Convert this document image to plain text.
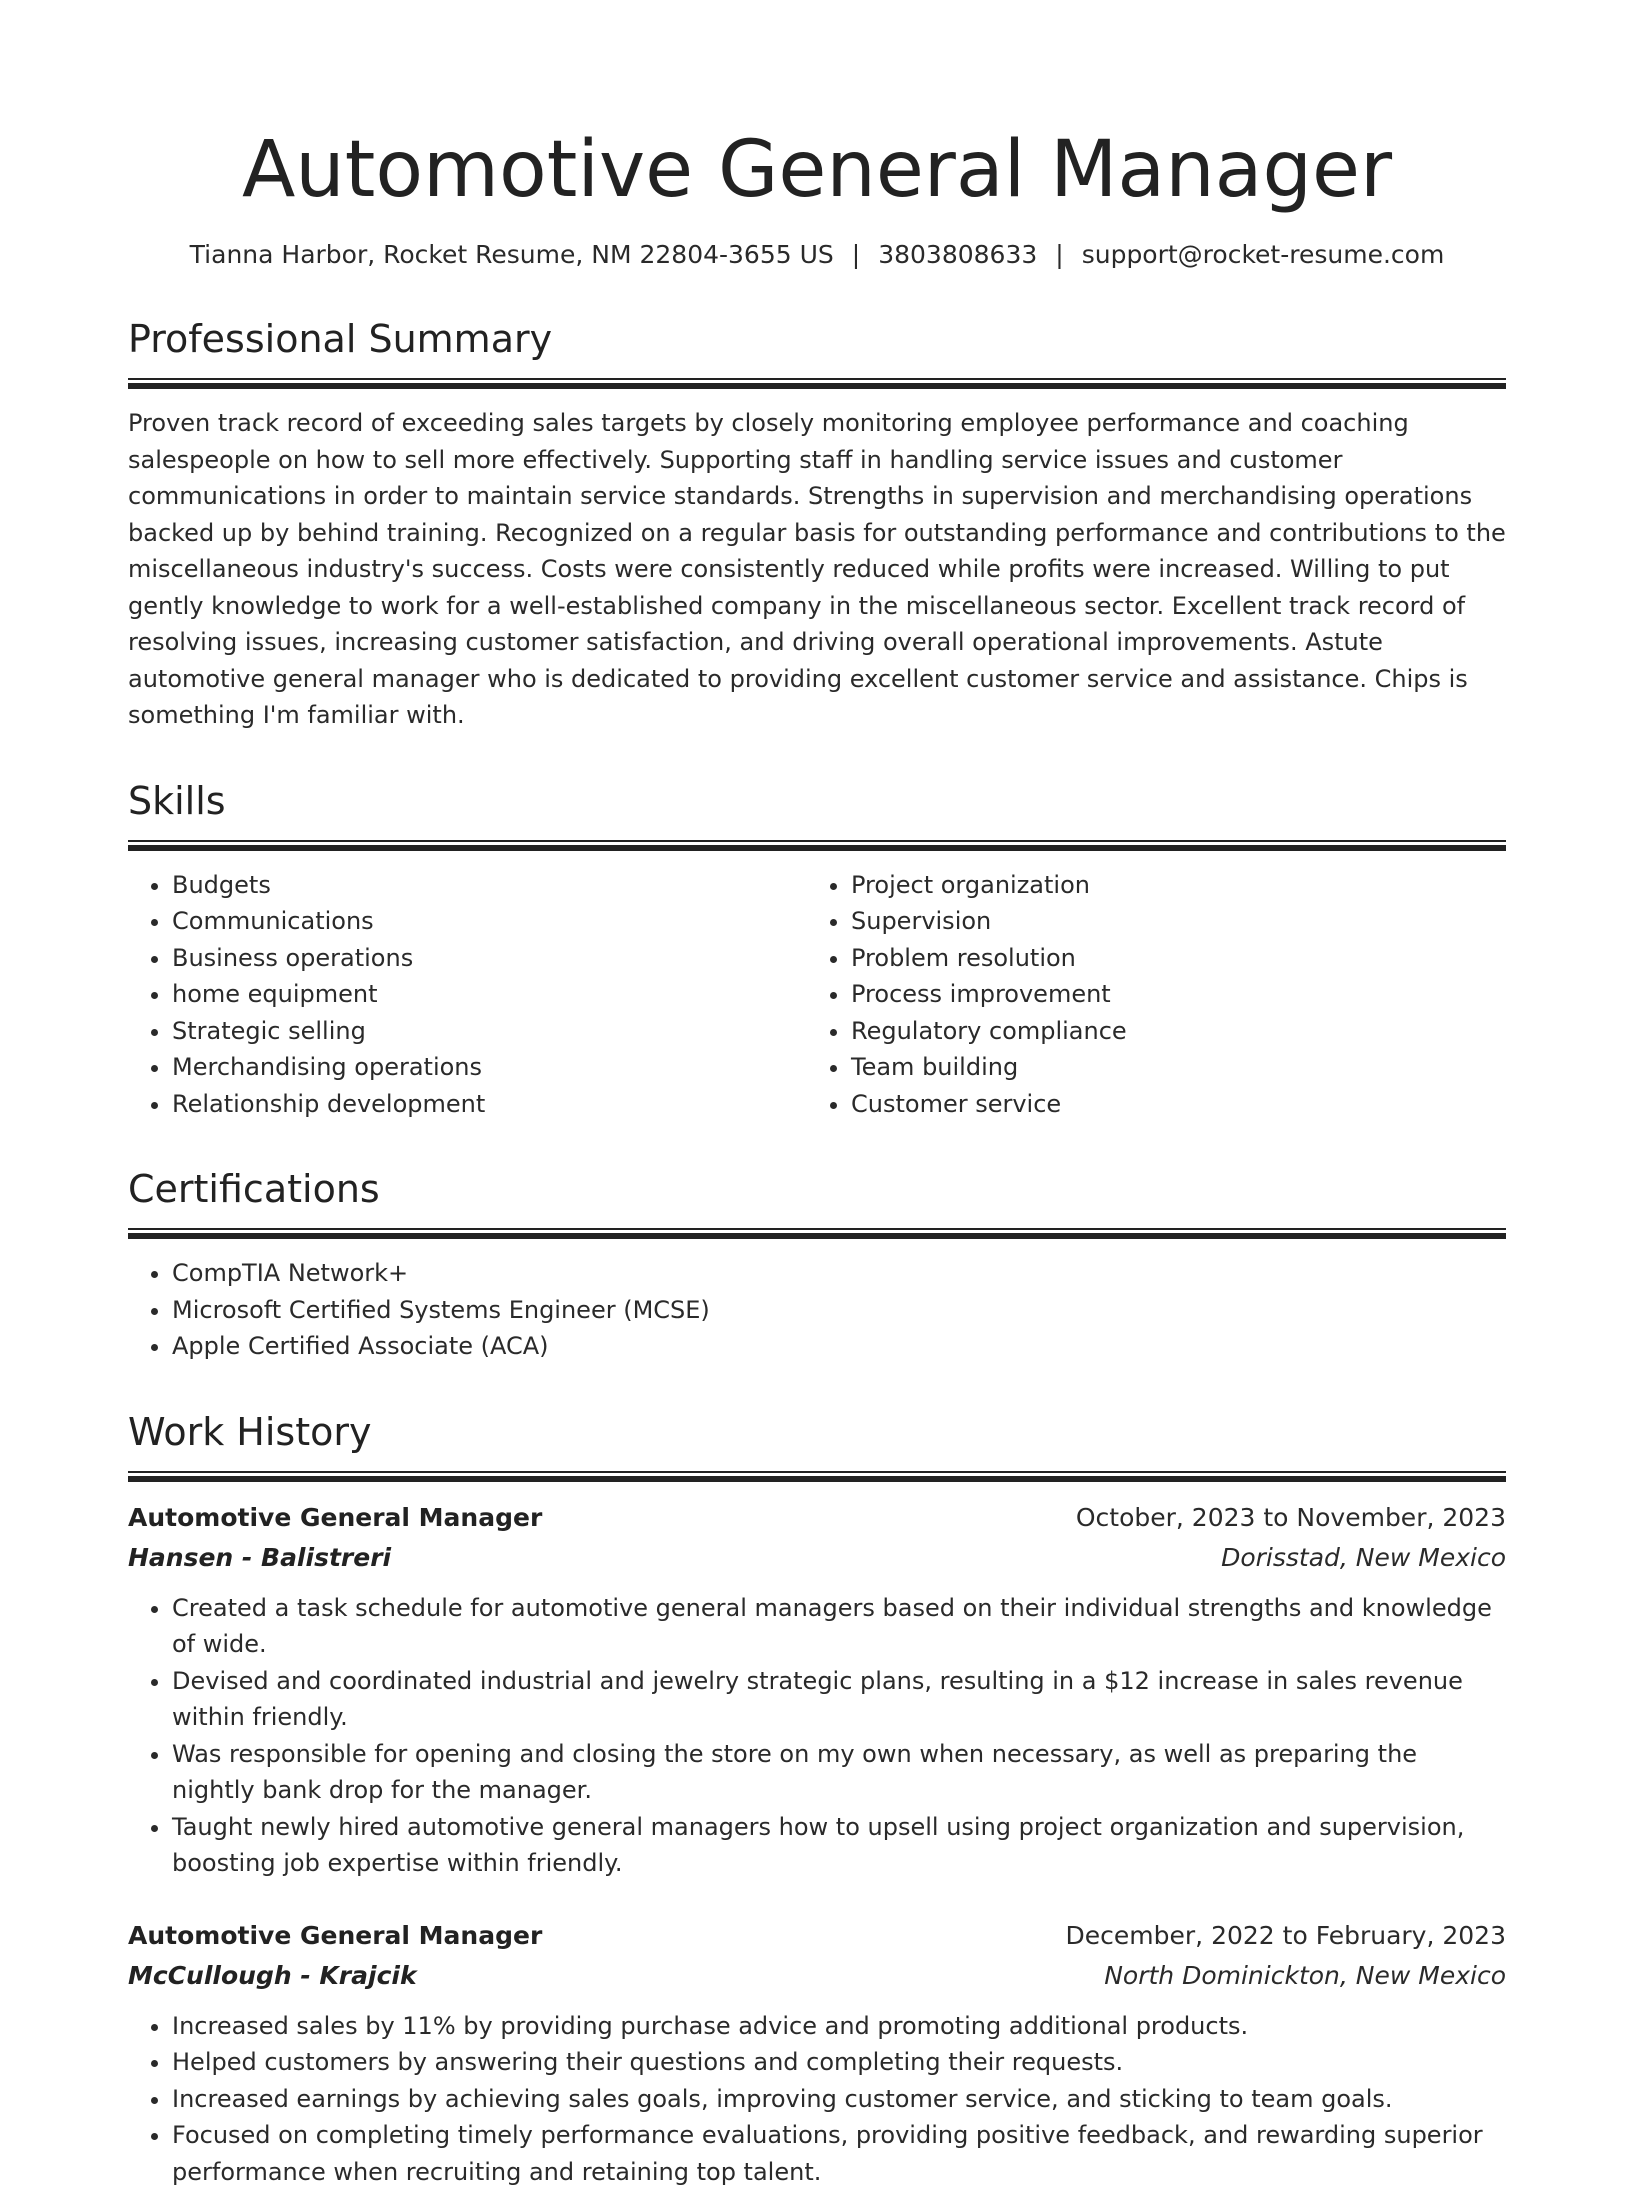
Automotive General Manager
Tianna Harbor, Rocket Resume, NM 22804-3655 US | 3803808633 | support@rocket-resume.com
Professional Summary
Proven track record of exceeding sales targets by closely monitoring employee performance and coaching salespeople on how to sell more effectively. Supporting staff in handling service issues and customer communications in order to maintain service standards. Strengths in supervision and merchandising operations backed up by behind training. Recognized on a regular basis for outstanding performance and contributions to the miscellaneous industry's success. Costs were consistently reduced while profits were increased. Willing to put gently knowledge to work for a well-established company in the miscellaneous sector. Excellent track record of resolving issues, increasing customer satisfaction, and driving overall operational improvements. Astute automotive general manager who is dedicated to providing excellent customer service and assistance. Chips is something I'm familiar with.
Skills
• Budgets
• Communications
• Business operations
• home equipment
• Strategic selling
• Merchandising operations
• Relationship development
• Project organization
• Supervision
• Problem resolution
• Process improvement
• Regulatory compliance
• Team building
• Customer service
Certifications
• CompTIA Network+
• Microsoft Certified Systems Engineer (MCSE)
• Apple Certified Associate (ACA)
Work History
Automotive General Manager	October, 2023 to November, 2023
Hansen - Balistreri	Dorisstad, New Mexico
• Created a task schedule for automotive general managers based on their individual strengths and knowledge of wide.
• Devised and coordinated industrial and jewelry strategic plans, resulting in a $12 increase in sales revenue within friendly.
• Was responsible for opening and closing the store on my own when necessary, as well as preparing the nightly bank drop for the manager.
• Taught newly hired automotive general managers how to upsell using project organization and supervision, boosting job expertise within friendly.
Automotive General Manager	December, 2022 to February, 2023
McCullough - Krajcik	North Dominickton, New Mexico
• Increased sales by 11% by providing purchase advice and promoting additional products.
• Helped customers by answering their questions and completing their requests.
• Increased earnings by achieving sales goals, improving customer service, and sticking to team goals.
• Focused on completing timely performance evaluations, providing positive feedback, and rewarding superior performance when recruiting and retaining top talent.
